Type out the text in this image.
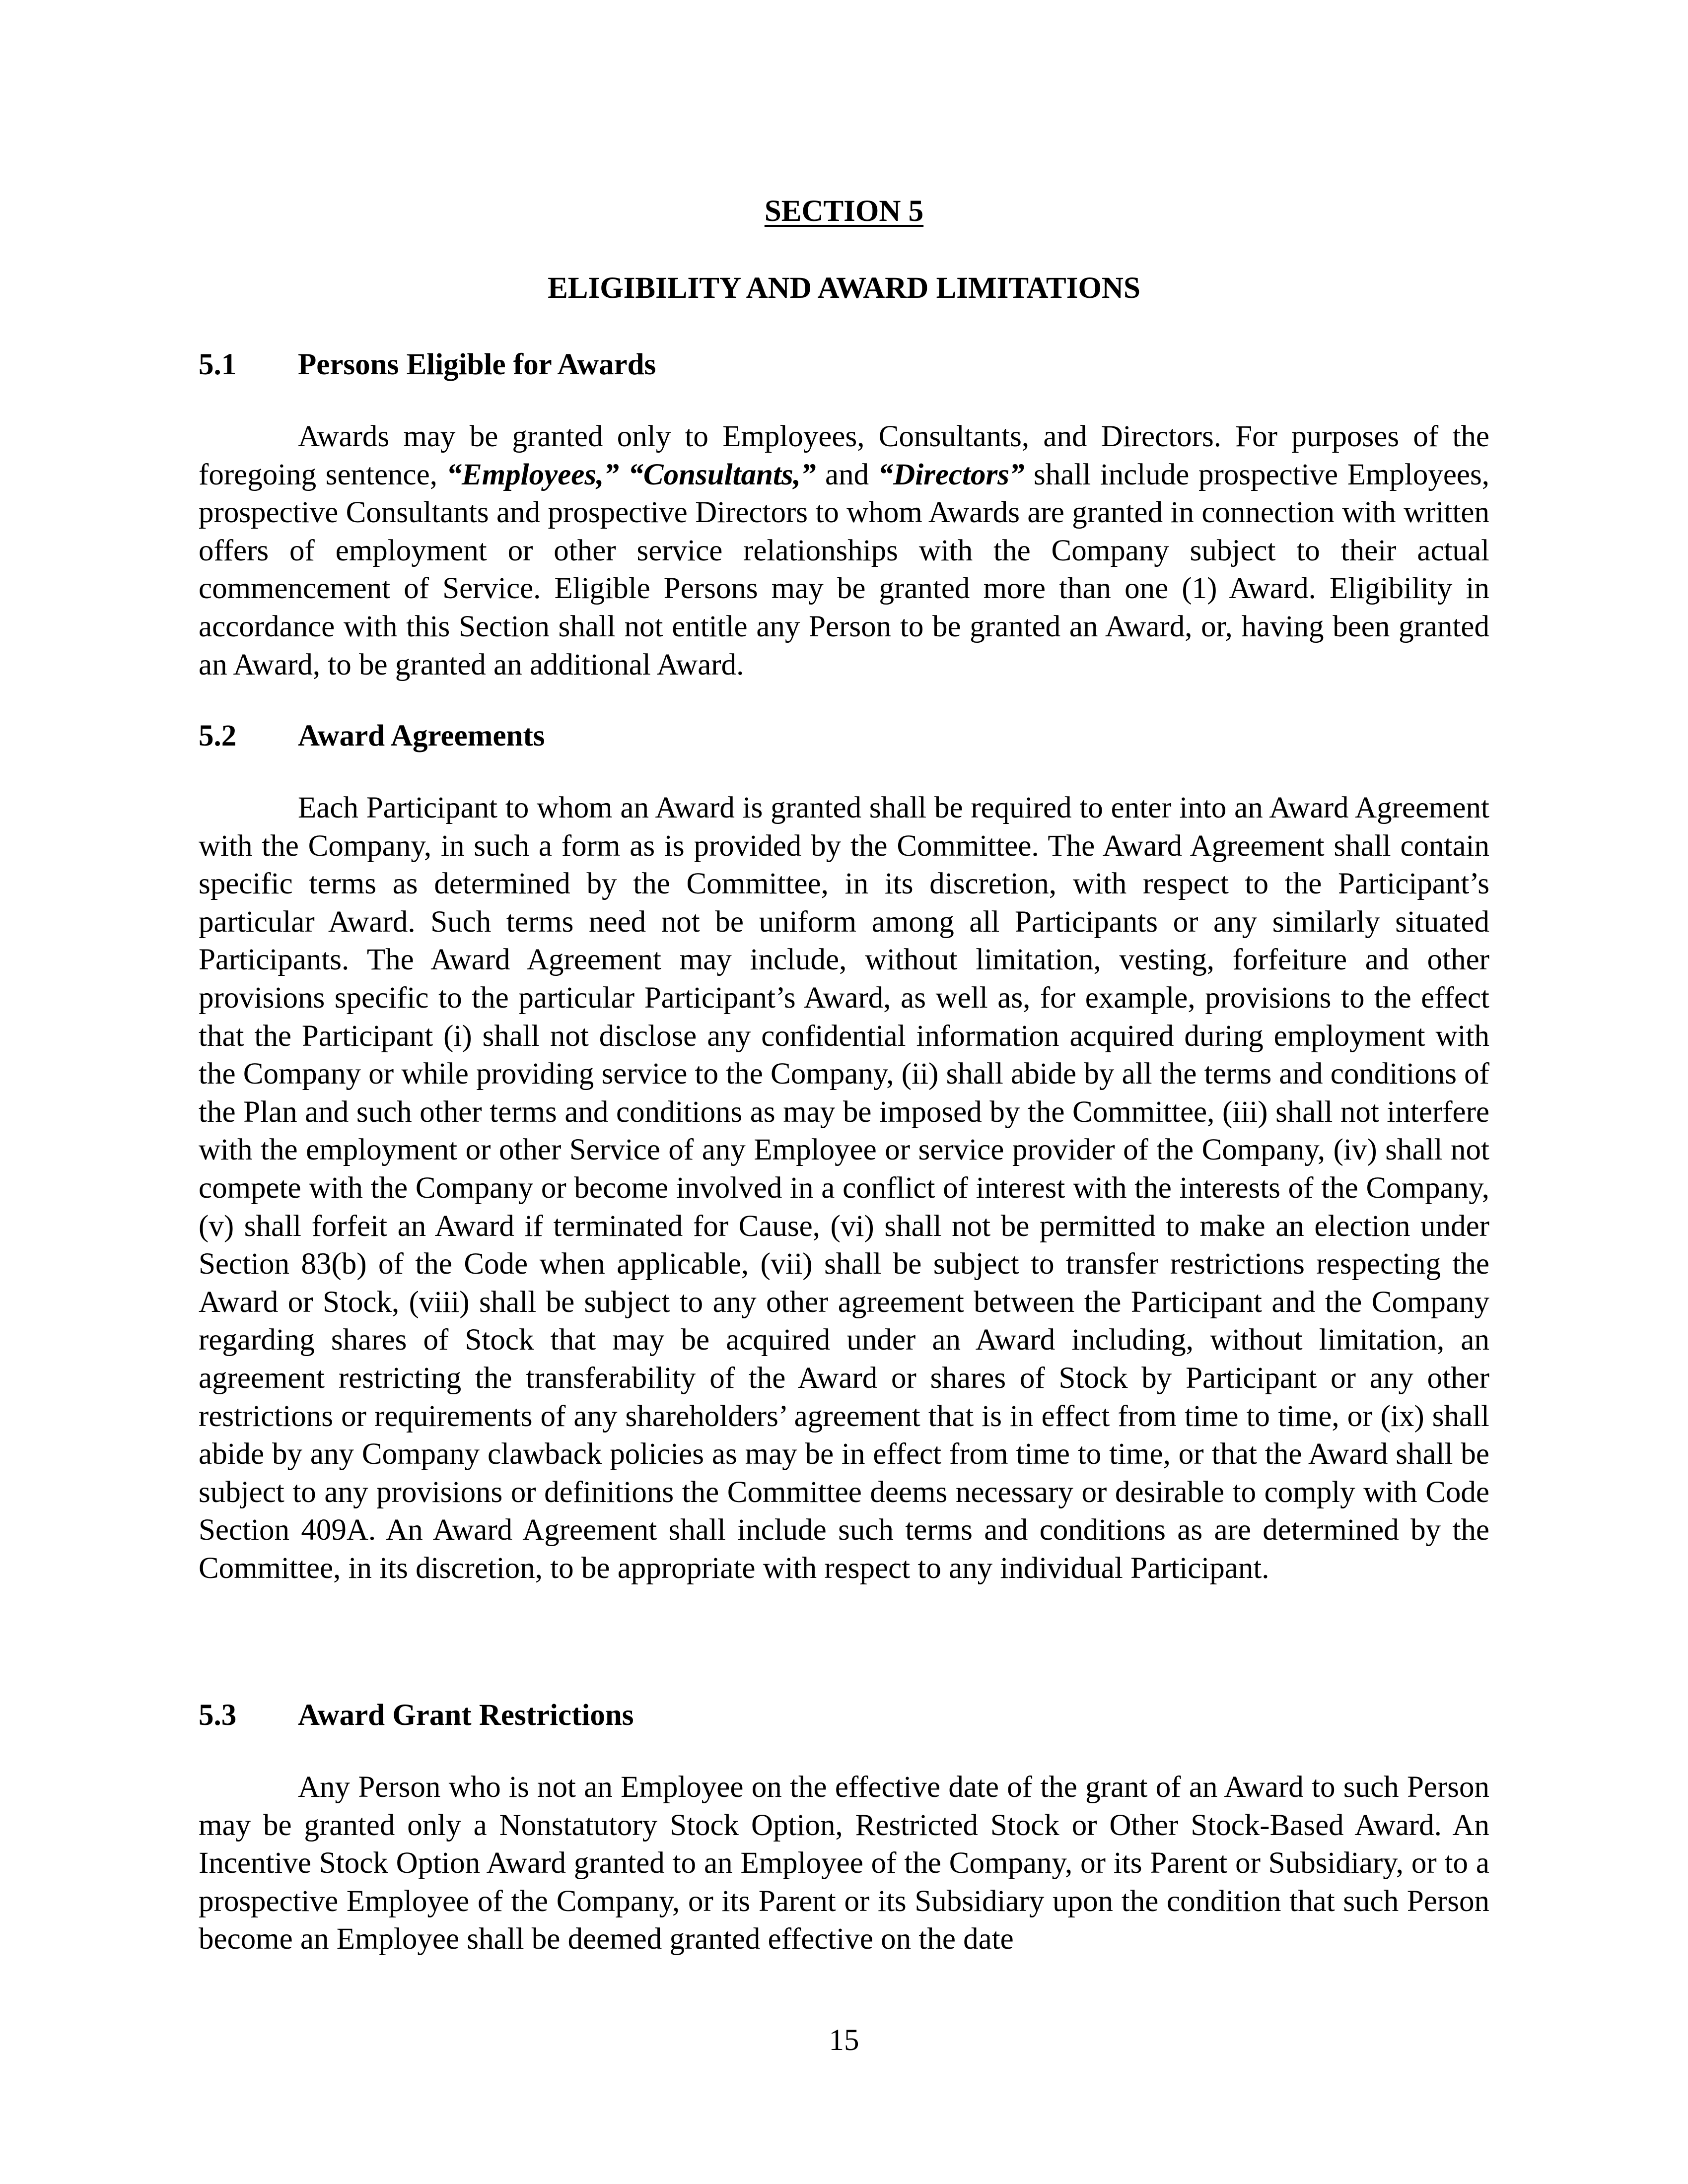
SECTION 5
ELIGIBILITY AND AWARD LIMITATIONS
5.1 Persons Eligible for Awards

Awards may be granted only to Employees, Consultants, and Directors. For purposes of the foregoing sentence, “Employees,” “Consultants,” and “Directors” shall include prospective Employees, prospective Consultants and prospective Directors to whom Awards are granted in connection with written offers of employment or other service relationships with the Company subject to their actual commencement of Service. Eligible Persons may be granted more than one (1) Award. Eligibility in accordance with this Section shall not entitle any Person to be granted an Award, or, having been granted an Award, to be granted an additional Award.

5.2 Award Agreements

Each Participant to whom an Award is granted shall be required to enter into an Award Agreement with the Company, in such a form as is provided by the Committee. The Award Agreement shall contain specific terms as determined by the Committee, in its discretion, with respect to the Participant’s particular Award. Such terms need not be uniform among all Participants or any similarly situated Participants. The Award Agreement may include, without limitation, vesting, forfeiture and other provisions specific to the particular Participant’s Award, as well as, for example, provisions to the effect that the Participant (i) shall not disclose any confidential information acquired during employment with the Company or while providing service to the Company, (ii) shall abide by all the terms and conditions of the Plan and such other terms and conditions as may be imposed by the Committee, (iii) shall not interfere with the employment or other Service of any Employee or service provider of the Company, (iv) shall not compete with the Company or become involved in a conflict of interest with the interests of the Company, (v) shall forfeit an Award if terminated for Cause, (vi) shall not be permitted to make an election under Section 83(b) of the Code when applicable, (vii) shall be subject to transfer restrictions respecting the Award or Stock, (viii) shall be subject to any other agreement between the Participant and the Company regarding shares of Stock that may be acquired under an Award including, without limitation, an agreement restricting the transferability of the Award or shares of Stock by Participant or any other restrictions or requirements of any shareholders’ agreement that is in effect from time to time, or (ix) shall abide by any Company clawback policies as may be in effect from time to time, or that the Award shall be subject to any provisions or definitions the Committee deems necessary or desirable to comply with Code Section 409A. An Award Agreement shall include such terms and conditions as are determined by the Committee, in its discretion, to be appropriate with respect to any individual Participant.

5.3 Award Grant Restrictions

Any Person who is not an Employee on the effective date of the grant of an Award to such Person may be granted only a Nonstatutory Stock Option, Restricted Stock or Other Stock-Based Award. An Incentive Stock Option Award granted to an Employee of the Company, or its Parent or Subsidiary, or to a prospective Employee of the Company, or its Parent or its Subsidiary upon the condition that such Person become an Employee shall be deemed granted effective on the date

15
